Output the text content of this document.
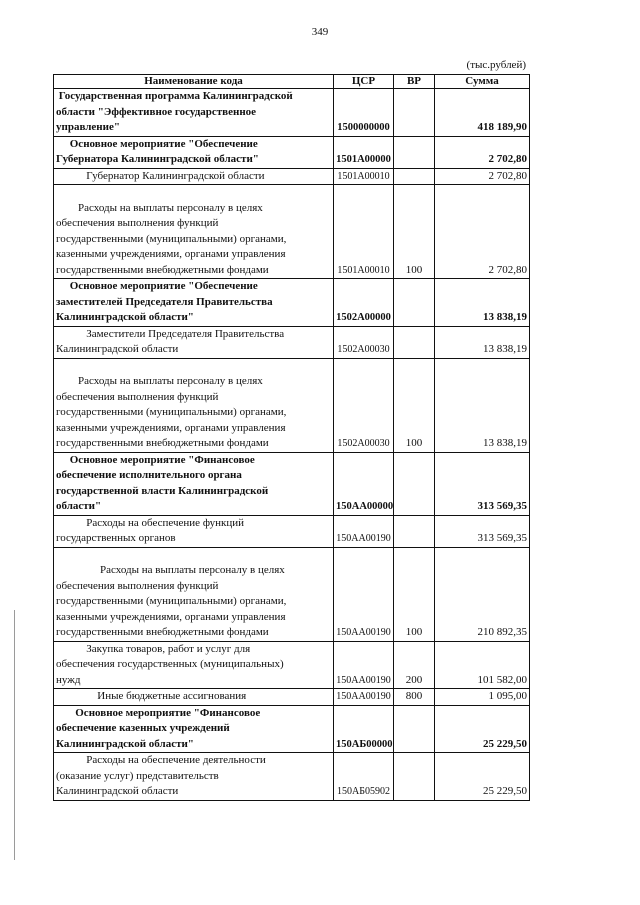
349
(тыс.рублей)
Наименование кода	ЦСР	ВР	Сумма
Государственная программа Калининградской
области "Эффективное государственное
управление"	1500000000		418 189,90
Основное мероприятие "Обеспечение
Губернатора Калининградской области"	1501A00000		2 702,80
Губернатор Калининградской области	1501A00010		2 702,80

Расходы на выплаты персоналу в целях
обеспечения выполнения функций
государственными (муниципальными) органами,
казенными учреждениями, органами управления
государственными внебюджетными фондами	1501A00010	100	2 702,80
Основное мероприятие "Обеспечение
заместителей Председателя Правительства
Калининградской области"	1502A00000		13 838,19
Заместители Председателя Правительства
Калининградской области	1502A00030		13 838,19

Расходы на выплаты персоналу в целях
обеспечения выполнения функций
государственными (муниципальными) органами,
казенными учреждениями, органами управления
государственными внебюджетными фондами	1502A00030	100	13 838,19
Основное мероприятие "Финансовое
обеспечение исполнительного органа
государственной власти Калининградской
области"	150AA00000		313 569,35
Расходы на обеспечение функций
государственных органов	150AA00190		313 569,35

Расходы на выплаты персоналу в целях
обеспечения выполнения функций
государственными (муниципальными) органами,
казенными учреждениями, органами управления
государственными внебюджетными фондами	150AA00190	100	210 892,35
Закупка товаров, работ и услуг для
обеспечения государственных (муниципальных)
нужд	150AA00190	200	101 582,00
Иные бюджетные ассигнования	150AA00190	800	1 095,00
Основное мероприятие "Финансовое
обеспечение казенных учреждений
Калининградской области"	150AБ00000		25 229,50
Расходы на обеспечение деятельности
(оказание услуг) представительств
Калининградской области	150AБ05902		25 229,50
